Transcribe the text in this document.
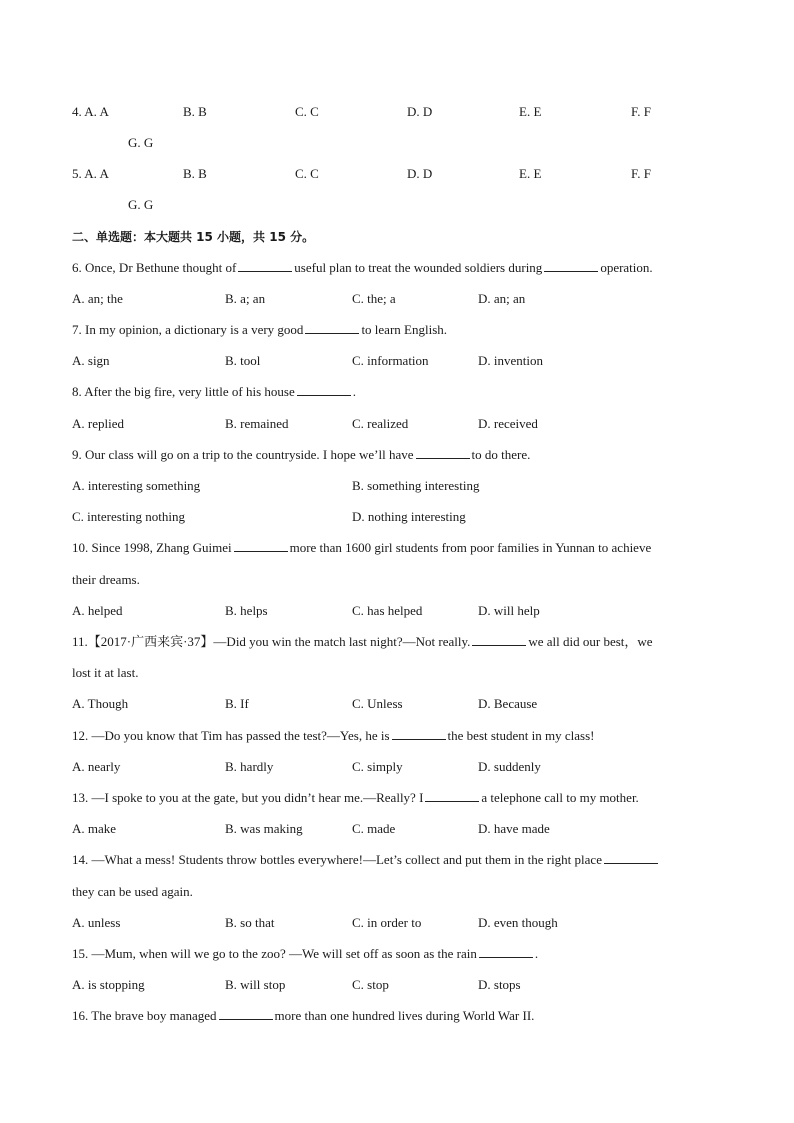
4. A. A	B. B	C. C	D. D	E. E	F. F
G. G
5. A. A	B. B	C. C	D. D	E. E	F. F
G. G
二、单选题：本大题共 15 小题，共 15 分。
6. Once, Dr Bethune thought of	useful plan to treat the wounded soldiers during	operation.
A. an; the	B. a; an	C. the; a	D. an; an
7. In my opinion, a dictionary is a very good	to learn English.
A. sign	B. tool	C. information	D. invention
8. After the big fire, very little of his house	.
A. replied	B. remained	C. realized	D. received
9. Our class will go on a trip to the countryside. I hope we’ll have	to do there.
A. interesting something	B. something interesting
C. interesting nothing	D. nothing interesting
10. Since 1998, Zhang Guimei	more than 1600 girl students from poor families in Yunnan to achieve
their dreams.
A. helped	B. helps	C. has helped	D. will help
11.【2017·广西来宾·37】—Did you win the match last night?—Not really.	we all did our best，we
lost it at last.
A. Though	B. If	C. Unless	D. Because
12. —Do you know that Tim has passed the test?—Yes, he is	the best student in my class!
A. nearly	B. hardly	C. simply	D. suddenly
13. —I spoke to you at the gate, but you didn’t hear me.—Really? I	a telephone call to my mother.
A. make	B. was making	C. made	D. have made
14. —What a mess! Students throw bottles everywhere!—Let’s collect and put them in the right place
they can be used again.
A. unless	B. so that	C. in order to	D. even though
15. —Mum, when will we go to the zoo? —We will set off as soon as the rain	.
A. is stopping	B. will stop	C. stop	D. stops
16. The brave boy managed	more than one hundred lives during World War II.
